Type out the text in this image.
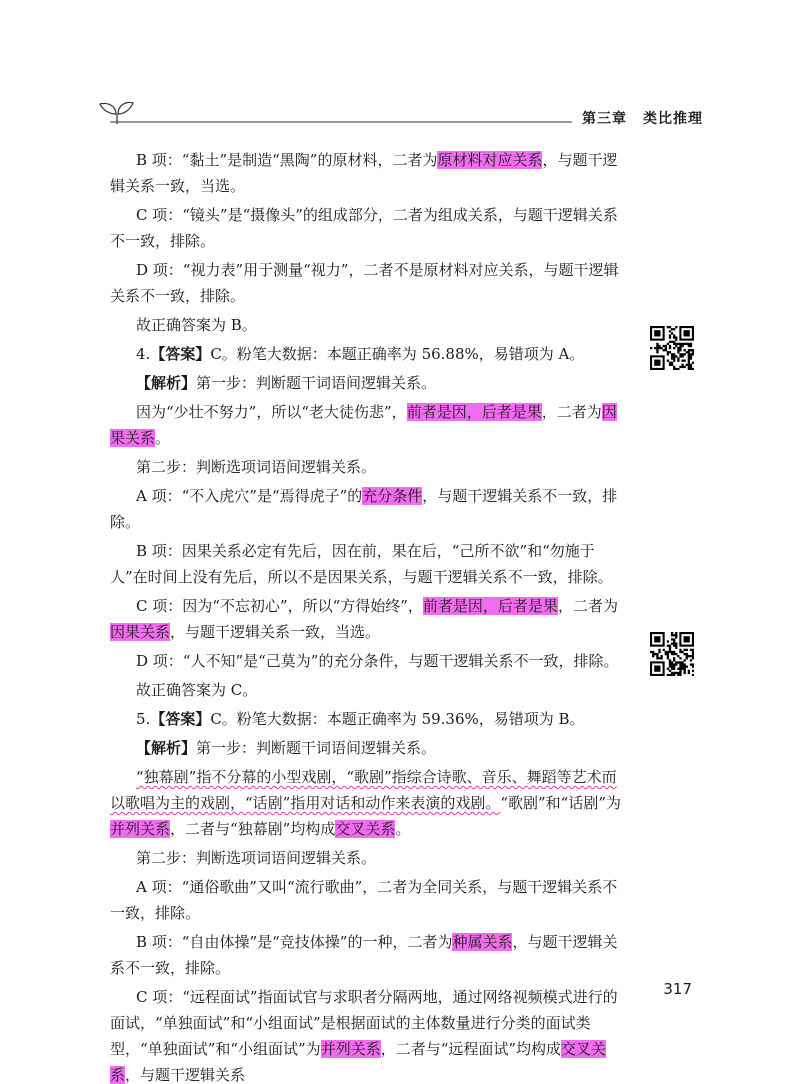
第三章 类比推理

B 项：“黏土”是制造“黑陶”的原材料，二者为原材料对应关系，与题干逻辑关系一致，当选。

C 项：“镜头”是“摄像头”的组成部分，二者为组成关系，与题干逻辑关系不一致，排除。

D 项：“视力表”用于测量“视力”，二者不是原材料对应关系，与题干逻辑关系不一致，排除。

故正确答案为 B。

4.【答案】C。粉笔大数据：本题正确率为 56.88%，易错项为 A。

【解析】第一步：判断题干词语间逻辑关系。

因为“少壮不努力”，所以“老大徒伤悲”，前者是因，后者是果，二者为因果关系。

第二步：判断选项词语间逻辑关系。

A 项：“不入虎穴”是“焉得虎子”的充分条件，与题干逻辑关系不一致，排除。

B 项：因果关系必定有先后，因在前，果在后，“己所不欲”和“勿施于人”在时间上没有先后，所以不是因果关系，与题干逻辑关系不一致，排除。

C 项：因为“不忘初心”，所以“方得始终”，前者是因，后者是果，二者为因果关系，与题干逻辑关系一致，当选。

D 项：“人不知”是“己莫为”的充分条件，与题干逻辑关系不一致，排除。

故正确答案为 C。

5.【答案】C。粉笔大数据：本题正确率为 59.36%，易错项为 B。

【解析】第一步：判断题干词语间逻辑关系。

“独幕剧”指不分幕的小型戏剧，“歌剧”指综合诗歌、音乐、舞蹈等艺术而以歌唱为主的戏剧，“话剧”指用对话和动作来表演的戏剧。“歌剧”和“话剧”为并列关系，二者与“独幕剧”均构成交叉关系。

第二步：判断选项词语间逻辑关系。

A 项：“通俗歌曲”又叫“流行歌曲”，二者为全同关系，与题干逻辑关系不一致，排除。

B 项：“自由体操”是“竞技体操”的一种，二者为种属关系，与题干逻辑关系不一致，排除。

C 项：“远程面试”指面试官与求职者分隔两地，通过网络视频模式进行的面试，“单独面试”和“小组面试”是根据面试的主体数量进行分类的面试类型，“单独面试”和“小组面试”为并列关系，二者与“远程面试”均构成交叉关系，与题干逻辑关系

317
